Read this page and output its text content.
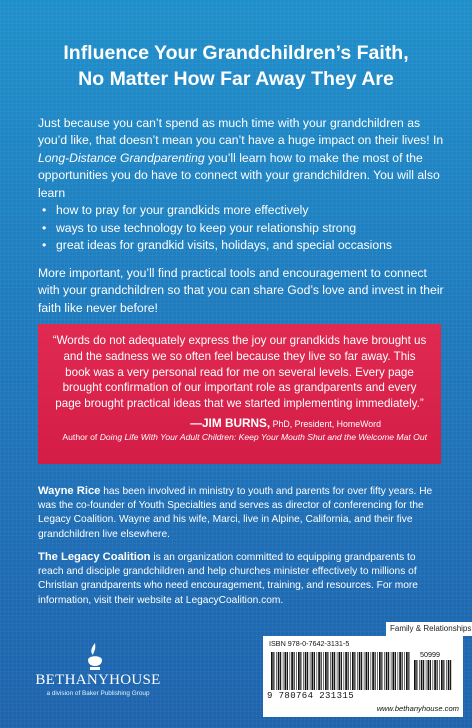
Influence Your Grandchildren’s Faith,
No Matter How Far Away They Are

Just because you can’t spend as much time with your grandchildren as you’d like, that doesn’t mean you can’t have a huge impact on their lives! In Long-Distance Grandparenting you’ll learn how to make the most of the opportunities you do have to connect with your grandchildren. You will also learn

• how to pray for your grandkids more effectively
• ways to use technology to keep your relationship strong
• great ideas for grandkid visits, holidays, and special occasions

More important, you’ll find practical tools and encouragement to connect with your grandchildren so that you can share God’s love and invest in their faith like never before!

“Words do not adequately express the joy our grandkids have brought us and the sadness we so often feel because they live so far away. This book was a very personal read for me on several levels. Every page brought confirmation of our important role as grandparents and every page brought practical ideas that we started implementing immediately.”

—JIM BURNS, PhD, President, HomeWord

Author of Doing Life With Your Adult Children: Keep Your Mouth Shut and the Welcome Mat Out

Wayne Rice has been involved in ministry to youth and parents for over fifty years. He was the co-founder of Youth Specialties and serves as director of conferencing for the Legacy Coalition. Wayne and his wife, Marci, live in Alpine, California, and their five grandchildren live elsewhere.

The Legacy Coalition is an organization committed to equipping grandparents to reach and disciple grandchildren and help churches minister effectively to millions of Christian grandparents who need encouragement, training, and resources. For more information, visit their website at LegacyCoalition.com.

BETHANYHOUSE
a division of Baker Publishing Group
Family & Relationships
ISBN 978-0-7642-3131-5
50999
9 780764 231315
www.bethanyhouse.com
